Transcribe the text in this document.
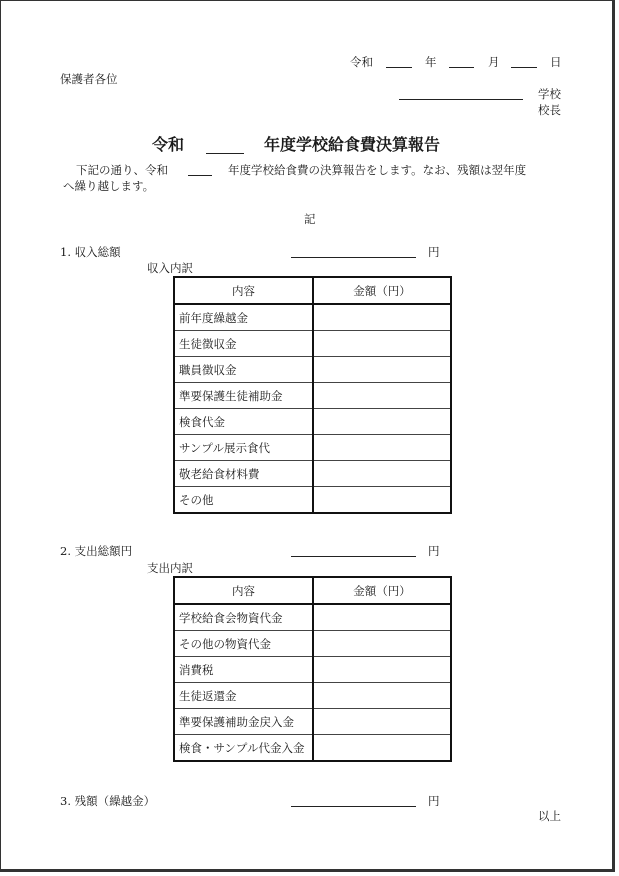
令和	年	月	日
保護者各位
学校
校長
令和	年度学校給食費決算報告
下記の通り、令和	年度学校給食費の決算報告をします。なお、残額は翌年度
へ繰り越します。
記
1. 収入総額	円
収入内訳
内容	金額（円）
前年度繰越金	
生徒徴収金	
職員徴収金	
準要保護生徒補助金	
検食代金	
サンプル展示食代	
敬老給食材料費	
その他	
2. 支出総額円	円
支出内訳
内容	金額（円）
学校給食会物資代金	
その他の物資代金	
消費税	
生徒返還金	
準要保護補助金戻入金	
検食・サンプル代金入金	
3. 残額（繰越金）	円
以上
